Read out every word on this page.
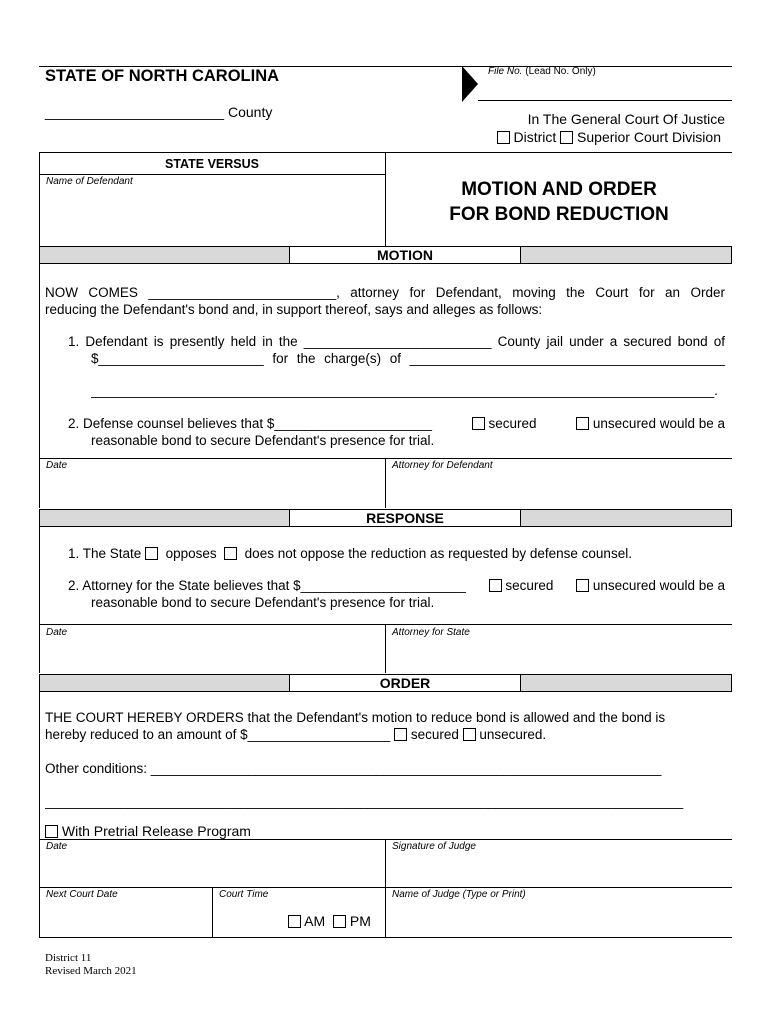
STATE OF NORTH CAROLINA
_______________________ County
File No. (Lead No. Only)
In The General Court Of Justice
District Superior Court Division
STATE VERSUS
Name of Defendant	MOTION AND ORDER
FOR BOND REDUCTION
MOTION
NOW COMES _________________________, attorney for Defendant, moving the Court for an Order
reducing the Defendant's bond and, in support thereof, says and alleges as follows:
1. Defendant is presently held in the _________________________ County jail under a secured bond of
$______________________ for the charge(s) of __________________________________________
___________________________________________________________________________________.
2. Defense counsel believes that $_____________________	secured	unsecured would be a
reasonable bond to secure Defendant's presence for trial.
Date	Attorney for Defendant
RESPONSE
1. The State opposes does not oppose the reduction as requested by defense counsel.
2. Attorney for the State believes that $______________________	secured	unsecured would be a
reasonable bond to secure Defendant's presence for trial.
Date	Attorney for State
ORDER
THE COURT HEREBY ORDERS that the Defendant's motion to reduce bond is allowed and the bond is
hereby reduced to an amount of $___________________ secured unsecured.
Other conditions: ____________________________________________________________________
_____________________________________________________________________________________
With Pretrial Release Program
Date	Signature of Judge
Next Court Date	Court Time	Name of Judge (Type or Print)
AM PM
District 11
Revised March 2021
